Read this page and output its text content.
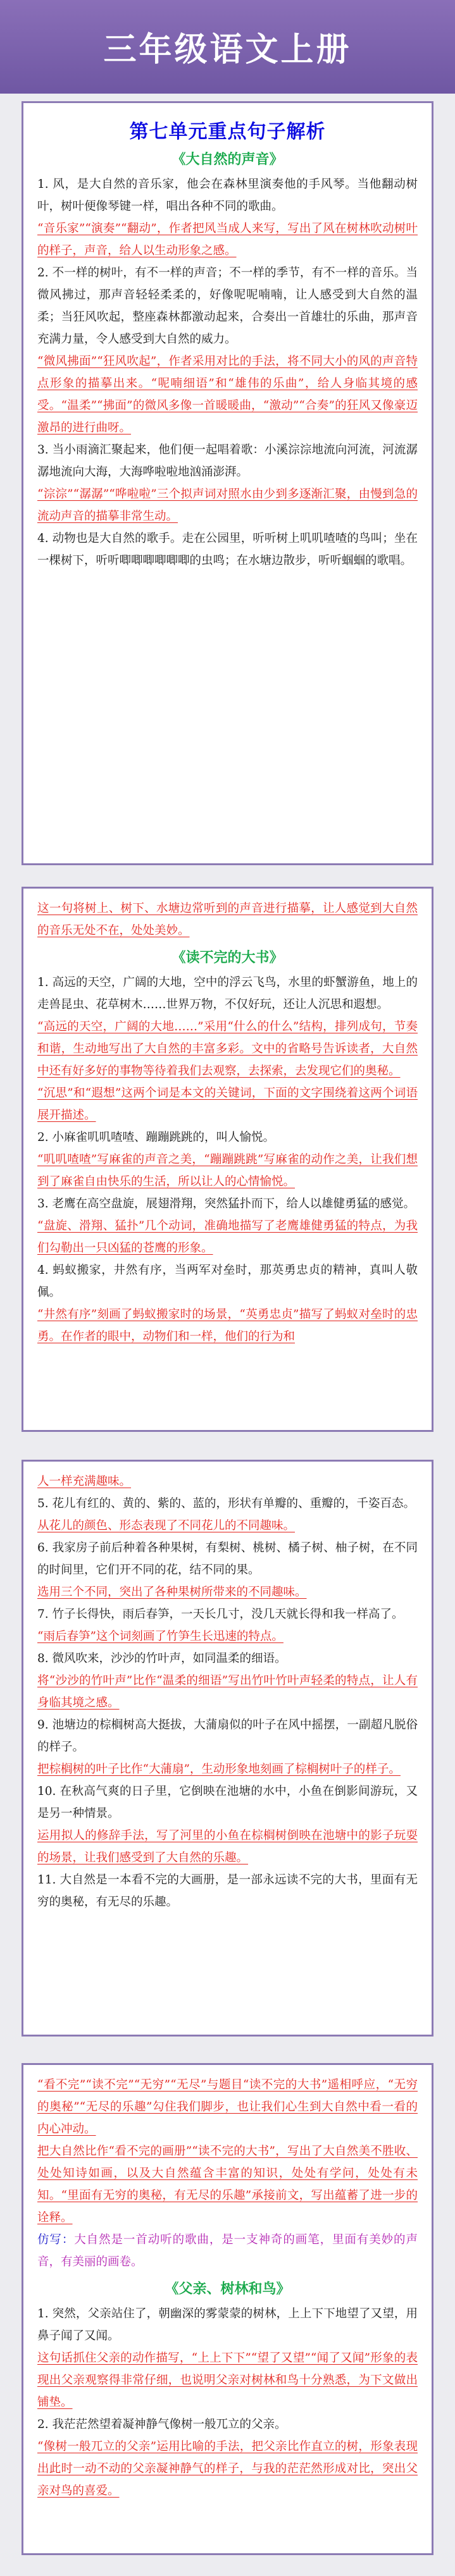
三年级语文上册
第七单元重点句子解析
《大自然的声音》

1. 风，是大自然的音乐家，他会在森林里演奏他的手风琴。当他翻动树叶，树叶便像琴键一样，唱出各种不同的歌曲。

“音乐家”“演奏”“翻动”，作者把风当成人来写，写出了风在树林吹动树叶的样子，声音，给人以生动形象之感。

2. 不一样的树叶，有不一样的声音；不一样的季节，有不一样的音乐。当微风拂过，那声音轻轻柔柔的，好像呢呢喃喃，让人感受到大自然的温柔；当狂风吹起，整座森林都激动起来，合奏出一首雄壮的乐曲，那声音充满力量，令人感受到大自然的威力。

“微风拂面”“狂风吹起”，作者采用对比的手法，将不同大小的风的声音特点形象的描摹出来。“呢喃细语”和“雄伟的乐曲”，给人身临其境的感受。“温柔”“拂面”的微风多像一首暖暖曲，“激动”“合奏”的狂风又像豪迈激昂的进行曲呀。

3. 当小雨滴汇聚起来，他们便一起唱着歌：小溪淙淙地流向河流，河流潺潺地流向大海，大海哗啦啦地汹涌澎湃。

“淙淙”“潺潺”“哗啦啦”三个拟声词对照水由少到多逐渐汇聚，由慢到急的流动声音的描摹非常生动。

4. 动物也是大自然的歌手。走在公园里，听听树上叽叽喳喳的鸟叫；坐在一棵树下，听听唧唧唧唧唧唧的虫鸣；在水塘边散步，听听蝈蝈的歌唱。

这一句将树上、树下、水塘边常听到的声音进行描摹，让人感觉到大自然的音乐无处不在，处处美妙。

《读不完的大书》

1. 高远的天空，广阔的大地，空中的浮云飞鸟，水里的虾蟹游鱼，地上的走兽昆虫、花草树木……世界万物，不仅好玩，还让人沉思和遐想。

“高远的天空，广阔的大地……”采用“什么的什么”结构，排列成句，节奏和谐，生动地写出了大自然的丰富多彩。文中的省略号告诉读者，大自然中还有好多好的事物等待着我们去观察，去探索，去发现它们的奥秘。

“沉思”和“遐想”这两个词是本文的关键词，下面的文字围绕着这两个词语展开描述。

2. 小麻雀叽叽喳喳、蹦蹦跳跳的，叫人愉悦。

“叽叽喳喳”写麻雀的声音之美，“蹦蹦跳跳”写麻雀的动作之美，让我们想到了麻雀自由快乐的生活，所以让人的心情愉悦。

3. 老鹰在高空盘旋，展翅滑翔，突然猛扑而下，给人以雄健勇猛的感觉。

“盘旋、滑翔、猛扑”几个动词，准确地描写了老鹰雄健勇猛的特点，为我们勾勒出一只凶猛的苍鹰的形象。

4. 蚂蚁搬家，井然有序，当两军对垒时，那英勇忠贞的精神，真叫人敬佩。

“井然有序”刻画了蚂蚁搬家时的场景，“英勇忠贞”描写了蚂蚁对垒时的忠勇。在作者的眼中，动物们和一样，他们的行为和

人一样充满趣味。

5. 花儿有红的、黄的、紫的、蓝的，形状有单瓣的、重瓣的，千姿百态。

从花儿的颜色、形态表现了不同花儿的不同趣味。

6. 我家房子前后种着各种果树，有梨树、桃树、橘子树、柚子树，在不同的时间里，它们开不同的花，结不同的果。

选用三个不同，突出了各种果树所带来的不同趣味。

7. 竹子长得快，雨后春笋，一天长几寸，没几天就长得和我一样高了。

“雨后春笋”这个词刻画了竹笋生长迅速的特点。

8. 微风吹来，沙沙的竹叶声，如同温柔的细语。

将“沙沙的竹叶声”比作“温柔的细语”写出竹叶竹叶声轻柔的特点，让人有身临其境之感。

9. 池塘边的棕榈树高大挺拔，大蒲扇似的叶子在风中摇摆，一副超凡脱俗的样子。

把棕榈树的叶子比作“大蒲扇”，生动形象地刻画了棕榈树叶子的样子。

10. 在秋高气爽的日子里，它倒映在池塘的水中，小鱼在倒影间游玩，又是另一种情景。

运用拟人的修辞手法，写了河里的小鱼在棕榈树倒映在池塘中的影子玩耍的场景，让我们感受到了大自然的乐趣。

11. 大自然是一本看不完的大画册，是一部永远读不完的大书，里面有无穷的奥秘，有无尽的乐趣。

“看不完”“读不完”“无穷”“无尽”与题目“读不完的大书”遥相呼应，“无穷的奥秘”“无尽的乐趣”勾住我们脚步，也让我们心生到大自然中看一看的内心冲动。

把大自然比作“看不完的画册”“读不完的大书”，写出了大自然美不胜收、处处知诗如画，以及大自然蕴含丰富的知识，处处有学问，处处有未知。“里面有无穷的奥秘，有无尽的乐趣”承接前文，写出蕴蓄了进一步的诠释。

仿写：大自然是一首动听的歌曲，是一支神奇的画笔，里面有美妙的声音，有美丽的画卷。

《父亲、树林和鸟》

1. 突然，父亲站住了，朝幽深的雾蒙蒙的树林，上上下下地望了又望，用鼻子闻了又闻。

这句话抓住父亲的动作描写，“上上下下”“望了又望”“闻了又闻”形象的表现出父亲观察得非常仔细，也说明父亲对树林和鸟十分熟悉，为下文做出铺垫。

2. 我茫茫然望着凝神静气像树一般兀立的父亲。

“像树一般兀立的父亲”运用比喻的手法，把父亲比作直立的树，形象表现出此时一动不动的父亲凝神静气的样子，与我的茫茫然形成对比，突出父亲对鸟的喜爱。
